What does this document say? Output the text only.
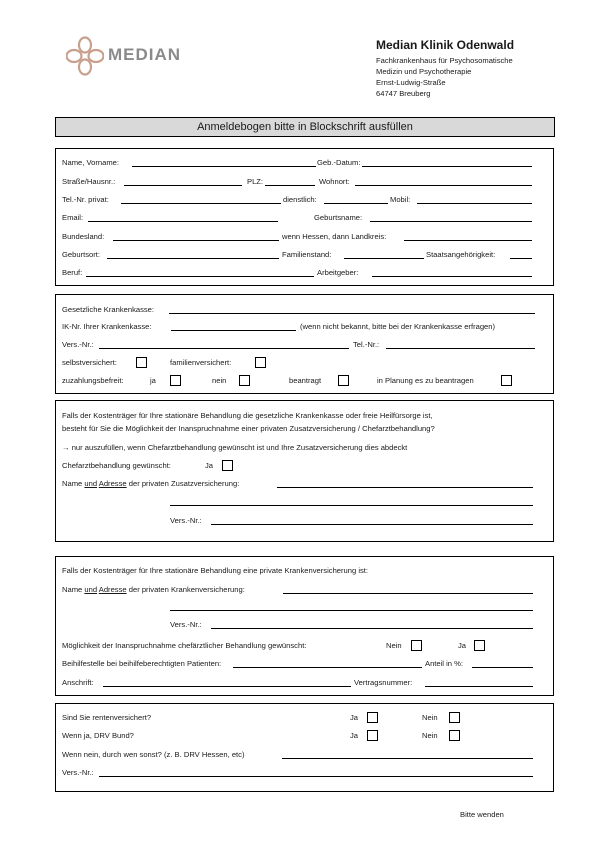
MEDIAN	Median Klinik Odenwald
Fachkrankenhaus für Psychosomatische
Medizin und Psychotherapie
Ernst-Ludwig-Straße
64747 Breuberg
Anmeldebogen bitte in Blockschrift ausfüllen
Name, Vorname:	Geb.-Datum:
Straße/Hausnr.:	PLZ:	Wohnort:
Tel.-Nr. privat:	dienstlich:	Mobil:
Email:	Geburtsname:
Bundesland:	wenn Hessen, dann Landkreis:
Geburtsort:	Familienstand:	Staatsangehörigkeit:
Beruf:	Arbeitgeber:
Gesetzliche Krankenkasse:
IK-Nr. Ihrer Krankenkasse:	(wenn nicht bekannt, bitte bei der Krankenkasse erfragen)
Vers.-Nr.:	Tel.-Nr.:
selbstversichert:	familienversichert:
zuzahlungsbefreit:	ja	nein	beantragt	in Planung es zu beantragen
Falls der Kostenträger für Ihre stationäre Behandlung die gesetzliche Krankenkasse oder freie Heilfürsorge ist,
besteht für Sie die Möglichkeit der Inanspruchnahme einer privaten Zusatzversicherung / Chefarztbehandlung?
→ nur auszufüllen, wenn Chefarztbehandlung gewünscht ist und Ihre Zusatzversicherung dies abdeckt
Chefarztbehandlung gewünscht:	Ja
Name und Adresse der privaten Zusatzversicherung:
Vers.-Nr.:
Falls der Kostenträger für Ihre stationäre Behandlung eine private Krankenversicherung ist:
Name und Adresse der privaten Krankenversicherung:
Vers.-Nr.:
Möglichkeit der Inanspruchnahme chefärztlicher Behandlung gewünscht:	Nein	Ja
Beihilfestelle bei beihilfeberechtigten Patienten:	Anteil in %:
Anschrift:	Vertragsnummer:
Sind Sie rentenversichert?	Ja	Nein
Wenn ja, DRV Bund?	Ja	Nein
Wenn nein, durch wen sonst? (z. B. DRV Hessen, etc)
Vers.-Nr.:
Bitte wenden
